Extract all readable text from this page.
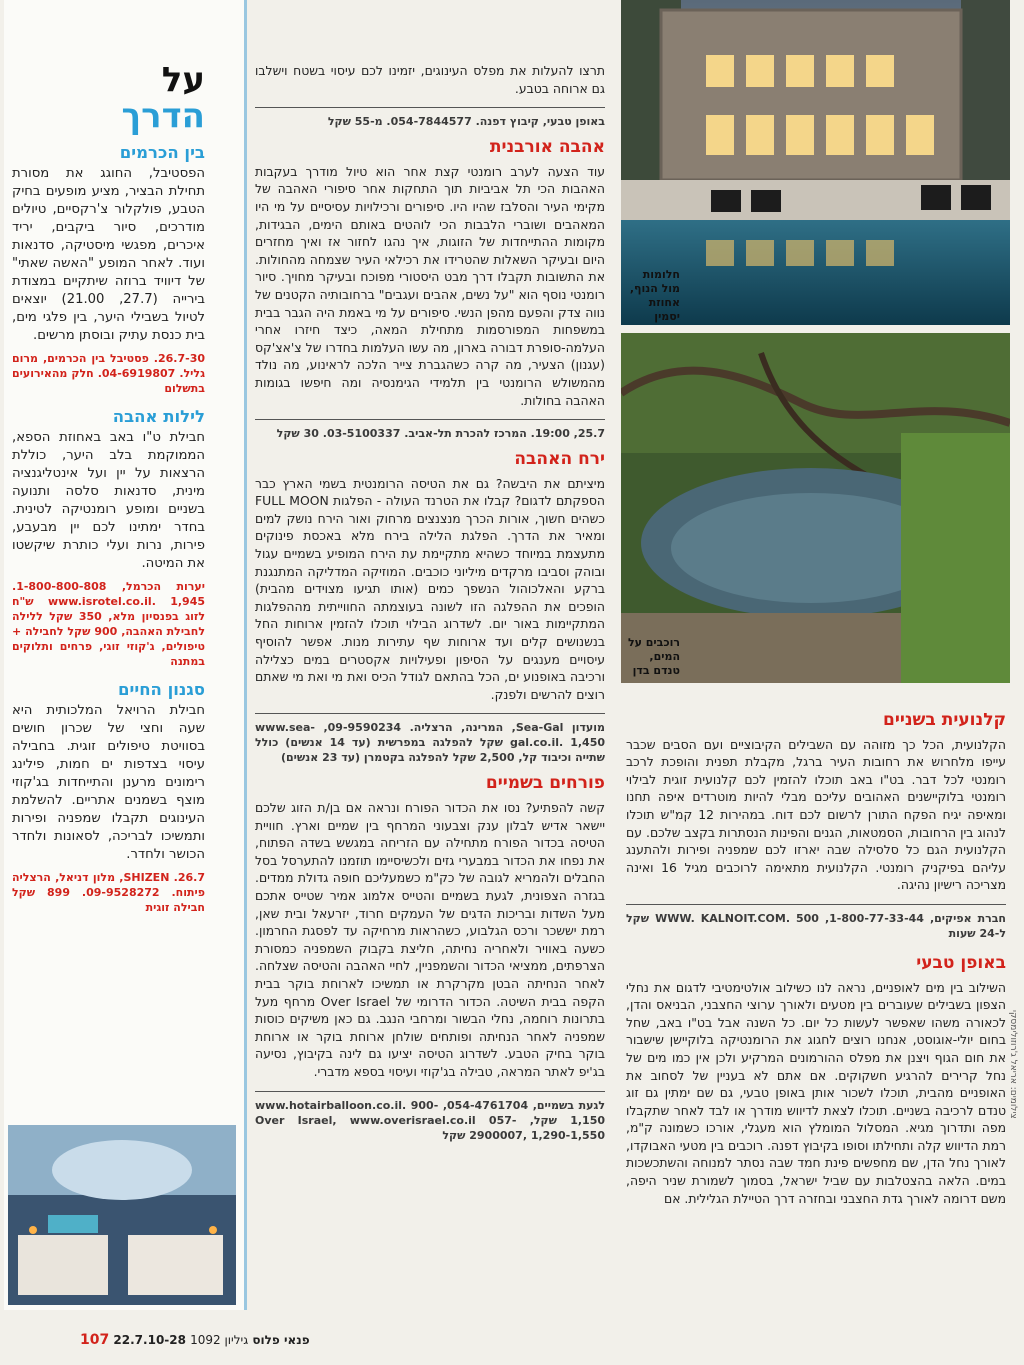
חלומות מול הנוף, אחוזת יסמין
רוכבים על המים, טנדם בדן
קלנועית בשניים

הקלנועית, הכל כך מזוהה עם השבילים הקיבוציים ועם הסבים שכבר עייפו מלחרוש את רחובות העיר ברגל, מקבלת תפנית והופכת לרכב רומנטי לכל דבר. בט"ו באב תוכלו להזמין לכם קלנועית זוגית לבילוי רומנטי בלוקיישנים האהובים עליכם מבלי להיות מוטרדים איפה תחנו ומאיפה יגיח הפקח התורן לרשום לכם דוח. במהירות 12 קמ"ש תוכלו לנהוג בין הרחובות, הסמטאות, הגנים והפינות הנסתרות בקצב שלכם. עם הקלנועית הגם כל סלסילה שבה יארזו לכם שמפניה ופירות ולהתענג עליהם בפיקניק רומנטי. הקלנועית מתאימה לרוכבים מגיל 16 ואינה מצריכה רישיון נהיגה.

חברת אפיקים, 1-800-77-33-44, WWW. KALNOIT.COM. 500 שקל ל-24 שעות

באופן טבעי

השילוב בין מים לאופניים, נראה לנו כשילוב אולטימטיבי לדגום את נחלי הצפון בשבילים שעוברים בין מטעים ולאורך ערוצי החצבני, הבניאס והדן, לכאורה משהו שאפשר לעשות כל יום. כל השנה אבל בט"ו באב, שחל בחום יולי-אוגוסט, אנחנו רוצים לחגוג את הרומנטיקה בלוקיישן שישבור את חום הגוף ויצנן את מפלס ההורמונים המרקיע ולכן אין כמו מים של נחל קרירים להרגיע חשקוקים. אם אתם לא בעניין של לסחוב את האופניים מהבית, תוכלו לשכור אותן באופן טבעי, גם שם ימתין גם זוג טנדם לרכיבה בשניים. תוכלו לצאת לדיווש מודרך או לבד לאחר שתקבלו מפה ותדרוך מגיא. המסלול המומלץ הוא מעגלי, אורכו כשמונה ק"מ, רמת הדיווש קלה ותחילתו וסופו בקיבוץ דפנה. רוכבים בין מטעי האבוקדו, לאורך נחל הדן, שם מחפשים פינת חמד שבה נסתר למנוחה והשתכשכות במים. הלאה בהצטלבות עם שביל ישראל, בסמוך לשמורת שניר היפה, משם דרומה לאורך גדת החצבני ובחזרה דרך הטיילת הגלילית. אם

צילומים: אריאל ג'רוזולימסקי

תרצו להעלות את מפלס העינוגים, יזמינו לכם עיסוי בשטח וישלבו גם ארוחה בטבע.

באופן טבעי, קיבוץ דפנה. 054-7844577. מ-55 שקל

אהבה אורבנית

עוד הצעה לערב רומנטי קצת אחר הוא טיול מודרך בעקבות האהבות הכי תל אביביות תוך התחקות אחר סיפורי האהבה של מקימי העיר והסלבז שהיו היו. סיפורים ורכילויות עסיסיים על מי היו המאהבים ושוברי הלבבות הכי לוהטים באותם הימים, הבגידות, מקומות ההתייחדות של הזוגות, איך נהגו לחזור אז ואיך מחזרים היום ובעיקר השאלות שהטרידו את רכילאי העיר שצמחה מהחולות. את התשובות תקבלו דרך מבט היסטורי מפוכח ובעיקר מחויך. סיור רומנטי נוסף הוא "על נשים, אהבים ועגבים" ברחובותיה הקטנים של נווה צדק והפעם מהפן הנשי. סיפורים על מי באמת היה הגבר בבית במשפחות המפורסמות מתחילת המאה, כיצד חיזרו אחרי העלמה-סופרת דבורה בארון, מה עשו העלמות בחדרו של צ'אצ'קס (עגנון) הצעיר, מה קרה כשהגברת צייר הלכה לראינוע, מה נולד מהמשולש הרומנטי בין תלמידי הגימנסיה ומה חיפשו בגומות האהבה בחולות.

25.7, 19:00. המרכז להכרת תל-אביב. 03-5100337. 30 שקל

ירח האהבה

מיציתם את היבשה? גם את הטיסה הרומנטית בשמי הארץ כבר הספקתם לדגום? קבלו את הטרנד העולה - הפלגות FULL MOON כשהים חשוך, אורות הכרך מנצנצים מרחוק ואור הירח נושק למים ומאיר את הדרך. הפלגת הלילה בירח מלא באכסת פינוקים מתעצמת במיוחד כשהיא מתקיימת עת הירח המופיע בשמיים עגול ובוהק וסביבו מרקדים מיליוני כוכבים. המוזיקה המדליקה המתנגנת ברקע והאלכוהול הנשפך כמים (אותו תגיעו מצוידים מהבית) הופכים את ההפלגה הזו לשונה בעוצמתה החווייתית מההפלגות המתקיימות באור יום. לשדרוג הבילוי תוכלו להזמין ארוחות החל בנשנושים קלים ועד ארוחות שף עתירות מנות. אפשר להוסיף עיסויים מענגים על הסיפון ופעילויות אקסטרים במים כצלילה ורכיבה באופנוע ים, הכל בהתאם לגודל הכיס ואת מי ואת מי שאתם רוצים להרשים ולפנק.

מועדון Sea-Gal, המרינה, הרצליה. 09-9590234, www.sea-gal.co.il. 1,450 שקל להפלגה במפרשית (עד 14 אנשים) כולל שתייה וכיבוד קל, 2,500 שקל להפלגה בקטמרן (עד 23 אנשים)

פורחים בשמיים

קשה להפתיע? נסו את הכדור הפורח ונראה אם בן/ת הזוג שלכם יישאר אדיש לבלון ענק וצבעוני המרחף בין שמיים וארץ. חוויית הטיסה בכדור הפורח מתחילה עם הזריחה במגשש בשדה הפתוח, את נפחו את הכדור במבערי גזים ולכשיסיימו תוזמנו להתערסל בסל החבלים ולהמריא לגובה של כק"מ כשמעליכם חופה גדולת ממדים. בגזרה הצפונית, לגעת בשמיים והטייס אלמוג אמיר שטייס אתכם מעל השדות ובריכות הדגים של העמקים חרוד, יזרעאל ובית שאן, רמת יששכר ורכס הגלבוע, כשהראות מרחיקה עד לפסגת החרמון. כשעה באוויר ולאחריה נחיתה, חליצת בקבוק השמפניה כמסורת הצרפתים, ממציאי הכדור והשמפניין, לחיי האהבה והטיסה שצלחה. לאחר הנחיתה הבטן מקרקרת או תמשיכו לארוחת בוקר בבית הקפה בבית השיטה. הכדור הדרומי של Over Israel מרחף מעל בתרונות רוחמה, נחלי הבשור ומרחבי הנגב. גם כאן משיקים כוסות שמפניה לאחר הנחיתה ופותחים שולחן ארוחת בוקר או ארוחת בוקר בחיק הטבע. לשדרוג הטיסה יציעו גם לינה בקיבוץ, נסיעה בג'יפ לאתר המראה, טבילה בג'קוזי ועיסוי בספא מדברי.

לגעת בשמיים, 054-4761704, www.hotairballoon.co.il. 900-1,150 שקל, Over Israel, www.overisrael.co.il 057-2900007, 1,290-1,550 שקל

על
הדרך
בין הכרמים

הפסטיבל, החוגג את מסורת תחילת הבציר, מציע מופעים בחיק הטבע, פולקלור צ'רקסיים, טיולים מודרכים, סיור ביקבים, יריד איכרים, מפגשי מיסטיקה, סדנאות ועוד. לאחר המופע "האשה שאתי" של דיוויד ברוזה שיתקיים במצודת בירייה (27.7, 21.00) יוצאים לטיול בשבילי היער, בין פלגי מים, בית כנסת עתיק ובוסתן מרשים.

26.7-30. פסטיבל בין הכרמים, מרום גליל. 04-6919807. חלק מהאירועים בתשלום

לילות אהבה

חבילת ט"ו באב באחוזת הספא, הממוקמת בלב היער, כוללת הרצאות על יין ועל אינטליגנציה מינית, סדנאות סלסה ותנועה בשניים ומופע רומנטיקה לטינית. בחדר ימתינו לכם יין מבעבע, פירות, נרות ועלי כותרת שיקשטו את המיטה.

יערות הכרמל, 1-800-800-808. www.isrotel.co.il. 1,945 ש"ח לזוג בפנסיון מלא, 350 שקל ללילה לחבילת האהבה, 900 שקל לחבילה + טיפולים, ג'קוזי זוגי, פרחים ותלוקים במתנה

סגנון החיים

חבילת הרויאל המלכותית היא שעה וחצי של שכרון חושים בסוויטת טיפולים זוגית. בחבילה עיסוי בצדפות ים חמות, פילינג רימונים מרענן והתייחדות בג'קוזי מוצף בשמנים אתריים. להשלמת העינוגים תקבלו שמפניה ופירות ותמשיכו לבריכה, לסאונות ולחדר הכושר ולחדר.

26.7. SHIZEN, מלון דניאל, הרצליה פיתוח. 09-9528272. 899 שקל חבילה זוגית

107	פנאי פלוס גיליון 1092 22.7.10-28
